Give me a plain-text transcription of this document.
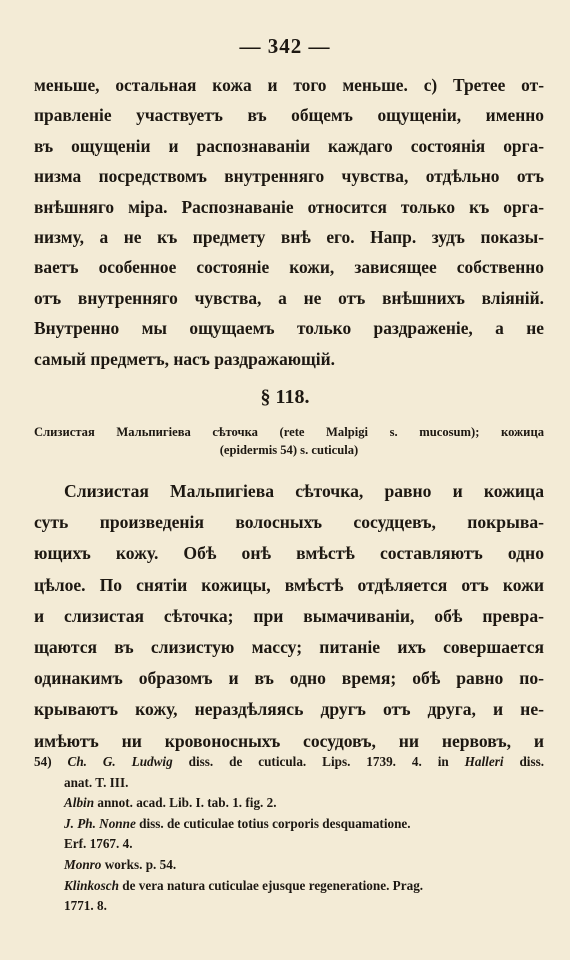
— 342 —
меньше, остальная кожа и того меньше. с) Третее от-
правленіе участвуетъ въ общемъ ощущеніи, именно
въ ощущеніи и распознаваніи каждаго состоянія орга-
низма посредствомъ внутренняго чувства, отдѣльно отъ
внѣшняго міра. Распознаваніе относится только къ орга-
низму, а не къ предмету внѣ его. Напр. зудъ показы-
ваетъ особенное состояніе кожи, зависящее собственно
отъ внутренняго чувства, а не отъ внѣшнихъ вліяній.
Внутренно мы ощущаемъ только раздраженіе, а не
самый предметъ, насъ раздражающій.
§ 118.
Слизистая Мальпигіева сѣточка (rete Malpigi s. mucosum); кожица
(epidermis 54) s. cuticula)
Слизистая Мальпигіева сѣточка, равно и кожица
суть произведенія волосныхъ сосудцевъ, покрыва-
ющихъ кожу. Обѣ онѣ вмѣстѣ составляютъ одно
цѣлое. По снятіи кожицы, вмѣстѣ отдѣляется отъ кожи
и слизистая сѣточка; при вымачиваніи, обѣ превра-
щаются въ слизистую массу; питаніе ихъ совершается
одинакимъ образомъ и въ одно время; обѣ равно по-
крываютъ кожу, нераздѣляясь другъ отъ друга, и не-
имѣютъ ни кровоносныхъ сосудовъ, ни нервовъ, и
54) Ch. G. Ludwig diss. de cuticula. Lips. 1739. 4. in Halleri diss.
anat. T. III.
Albin annot. acad. Lib. I. tab. 1. fig. 2.
J. Ph. Nonne diss. de cuticulae totius corporis desquamatione.
Erf. 1767. 4.
Monro works. p. 54.
Klinkosch de vera natura cuticulae ejusque regeneratione. Prag.
1771. 8.
